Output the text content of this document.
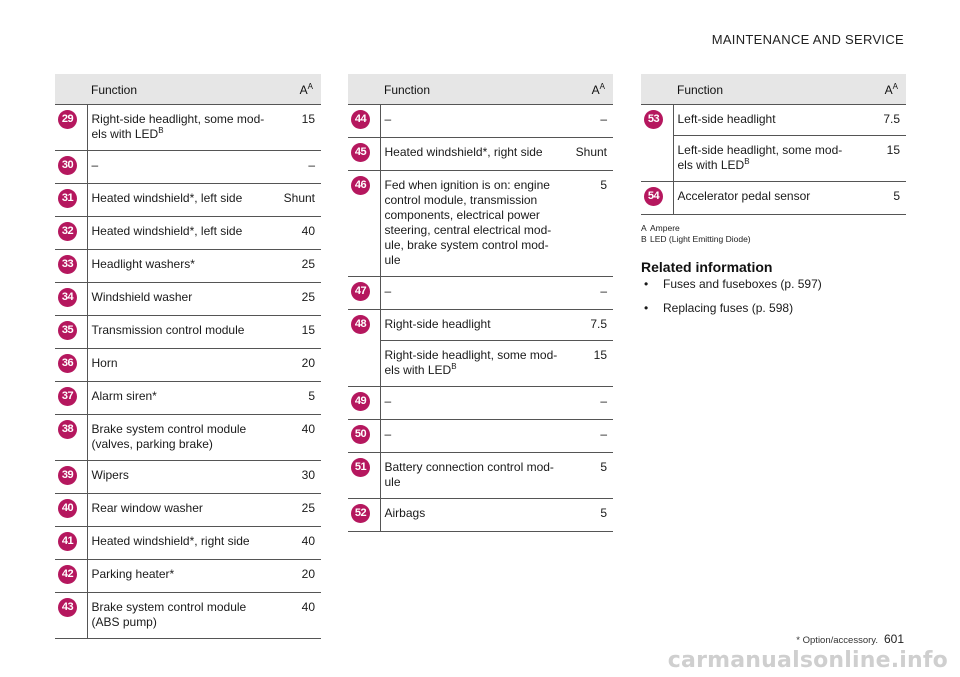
MAINTENANCE AND SERVICE
	Function	$A^A$
29	Right-side headlight, some mod-els with $LED^B$	15
30	–	–
31	Heated windshield*, left side	Shunt
32	Heated windshield*, left side	40
33	Headlight washers*	25
34	Windshield washer	25
35	Transmission control module	15
36	Horn	20
37	Alarm siren*	5
38	Brake system control module (valves, parking brake)	40
39	Wipers	30
40	Rear window washer	25
41	Heated windshield*, right side	40
42	Parking heater*	20
43	Brake system control module (ABS pump)	40
	Function	$A^A$
44	–	–
45	Heated windshield*, right side	Shunt
46	Fed when ignition is on: engine control module, transmission components, electrical power steering, central electrical mod-ule, brake system control mod-ule	5
47	–	–
48	Right-side headlight	7.5
	Right-side headlight, some mod-els with $LED^B$	15
49	–	–
50	–	–
51	Battery connection control mod-ule	5
52	Airbags	5
	Function	$A^A$
53	Left-side headlight	7.5
	Left-side headlight, some mod-els with $LED^B$	15
54	Accelerator pedal sensor	5
A Ampere
B LED (Light Emitting Diode)
Related information
• Fuses and fuseboxes (p. 597)
• Replacing fuses (p. 598)
* Option/accessory. 601
carmanualsonline.info
